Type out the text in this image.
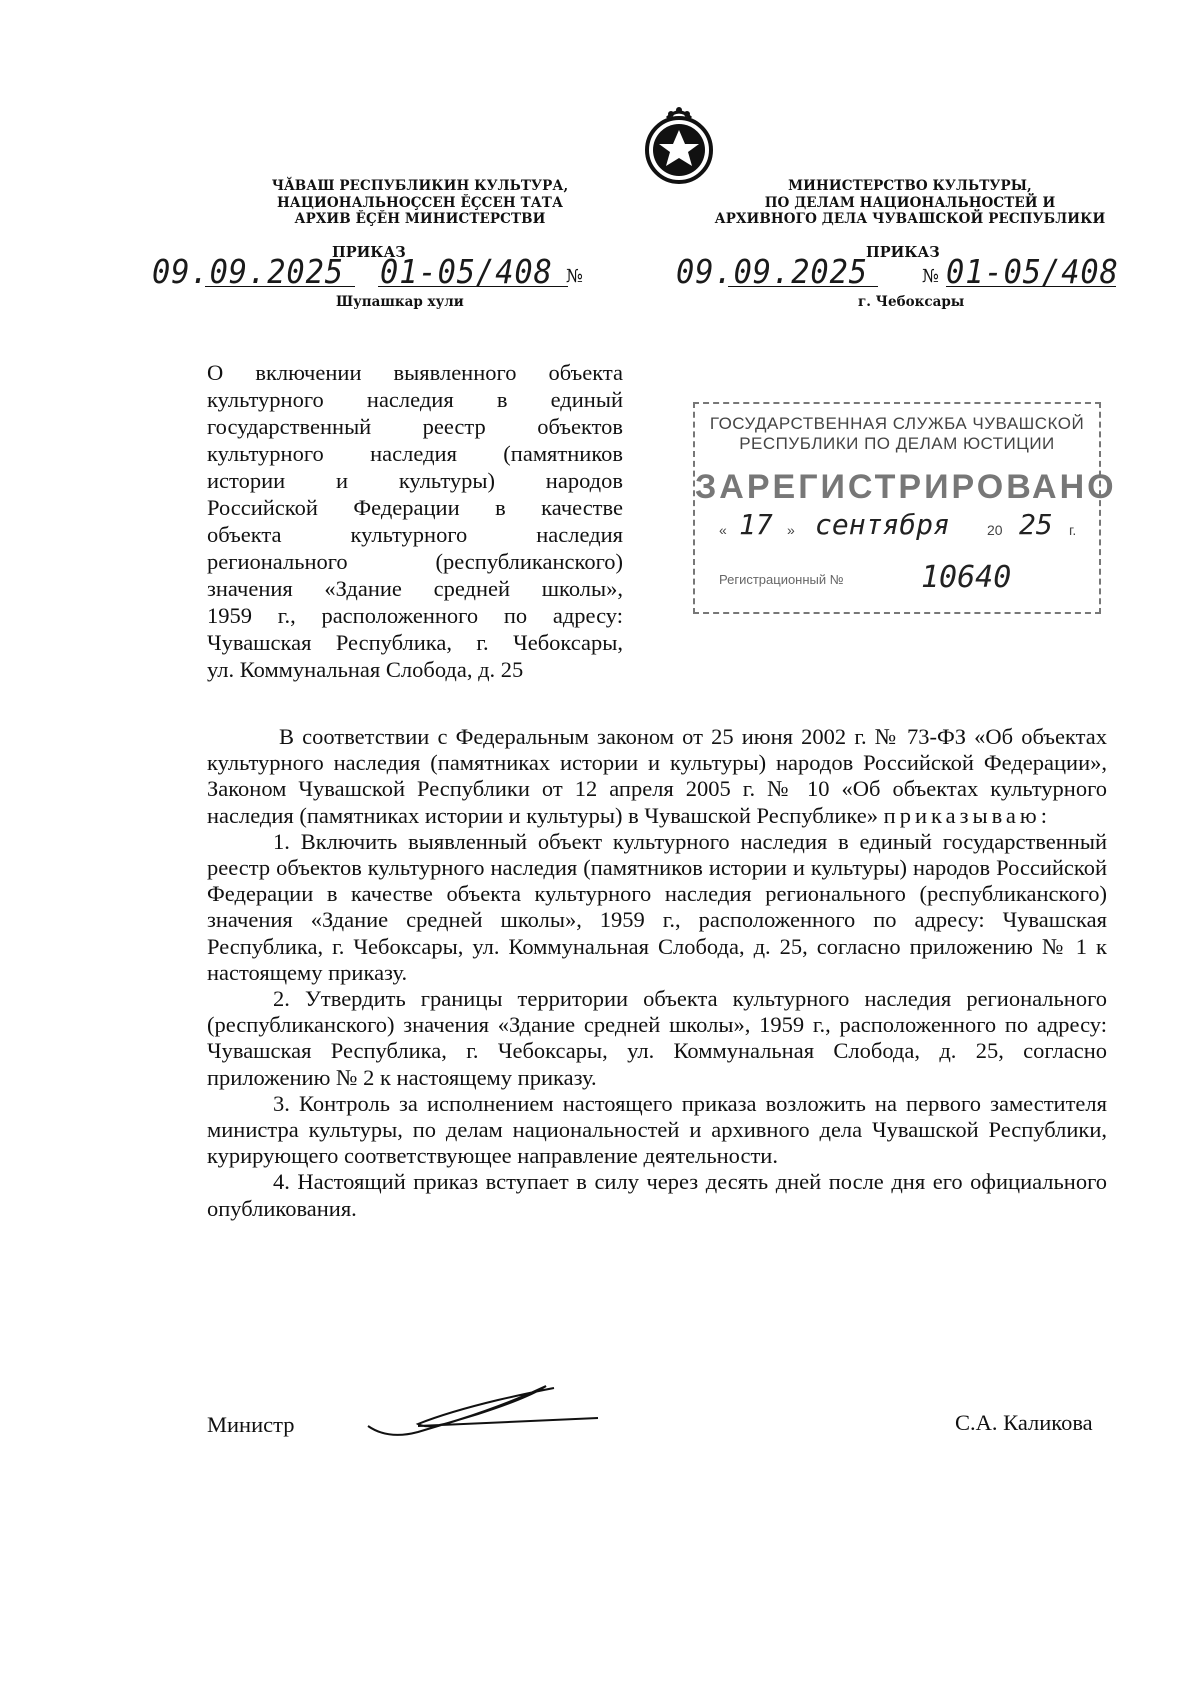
ЧĂВАШ РЕСПУБЛИКИН КУЛЬТУРА,
НАЦИОНАЛЬНОÇСЕН ĔÇСЕН ТАТА
АРХИВ ĔÇĔН МИНИСТЕРСТВИ
МИНИСТЕРСТВО КУЛЬТУРЫ,
ПО ДЕЛАМ НАЦИОНАЛЬНОСТЕЙ И
АРХИВНОГО ДЕЛА ЧУВАШСКОЙ РЕСПУБЛИКИ
ПРИКАЗ	ПРИКАЗ
09.09.2025 01-05/408 №
Шупашкар хули
09.09.2025	№ 01-05/408
г. Чебоксары
О включении выявленного объекта
культурного наследия в единый
государственный реестр объектов
культурного наследия (памятников
истории и культуры) народов
Российской Федерации в качестве
объекта культурного наследия
регионального (республиканского)
значения «Здание средней школы»,
1959 г., расположенного по адресу:
Чувашская Республика, г. Чебоксары,
ул. Коммунальная Слобода, д. 25
ГОСУДАРСТВЕННАЯ СЛУЖБА ЧУВАШСКОЙ
РЕСПУБЛИКИ ПО ДЕЛАМ ЮСТИЦИИ
ЗАРЕГИСТРИРОВАНО
« 17 » сентября	20 25 г.
Регистрационный №	10640

В соответствии с Федеральным законом от 25 июня 2002 г. № 73-ФЗ «Об объектах культурного наследия (памятниках истории и культуры) народов Российской Федерации», Законом Чувашской Республики от 12 апреля 2005 г. № 10 «Об объектах культурного наследия (памятниках истории и культуры) в Чувашской Республике» приказываю:

1. Включить выявленный объект культурного наследия в единый государственный реестр объектов культурного наследия (памятников истории и культуры) народов Российской Федерации в качестве объекта культурного наследия регионального (республиканского) значения «Здание средней школы», 1959 г., расположенного по адресу: Чувашская Республика, г. Чебоксары, ул. Коммунальная Слобода, д. 25, согласно приложению № 1 к настоящему приказу.

2. Утвердить границы территории объекта культурного наследия регионального (республиканского) значения «Здание средней школы», 1959 г., расположенного по адресу: Чувашская Республика, г. Чебоксары, ул. Коммунальная Слобода, д. 25, согласно приложению № 2 к настоящему приказу.

3. Контроль за исполнением настоящего приказа возложить на первого заместителя министра культуры, по делам национальностей и архивного дела Чувашской Республики, курирующего соответствующее направление деятельности.

4. Настоящий приказ вступает в силу через десять дней после дня его официального опубликования.

Министр	С.А. Каликова
